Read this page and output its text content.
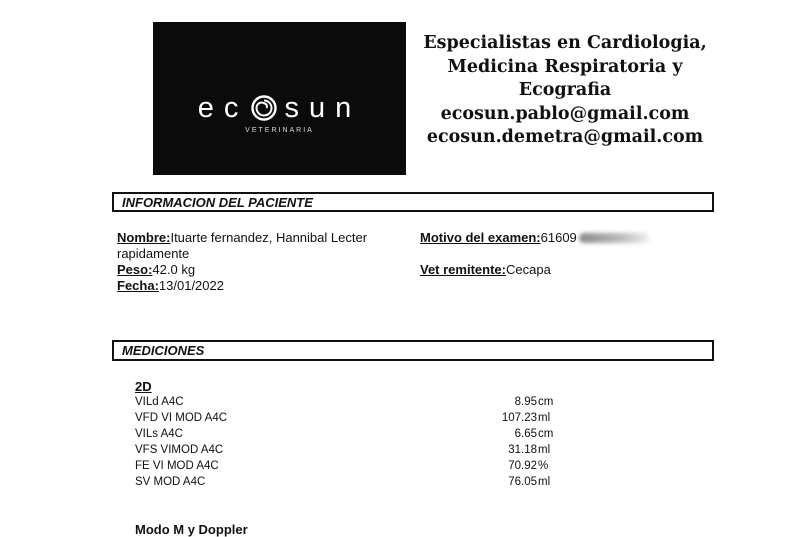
ec sun
VETERINARIA
Especialistas en Cardiologia,
Medicina Respiratoria y
Ecografia
ecosun.pablo@gmail.com
ecosun.demetra@gmail.com
INFORMACION DEL PACIENTE
Nombre:Ituarte fernandez, Hannibal Lecter
rapidamente
Peso:42.0 kg
Fecha:13/01/2022
Motivo del examen:61609
Vet remitente:Cecapa
MEDICIONES
2D
VILd A4C	8.95cm
VFD VI MOD A4C	107.23ml
VILs A4C	6.65cm
VFS VIMOD A4C	31.18ml
FE VI MOD A4C	70.92%
SV MOD A4C	76.05ml
Modo M y Doppler
